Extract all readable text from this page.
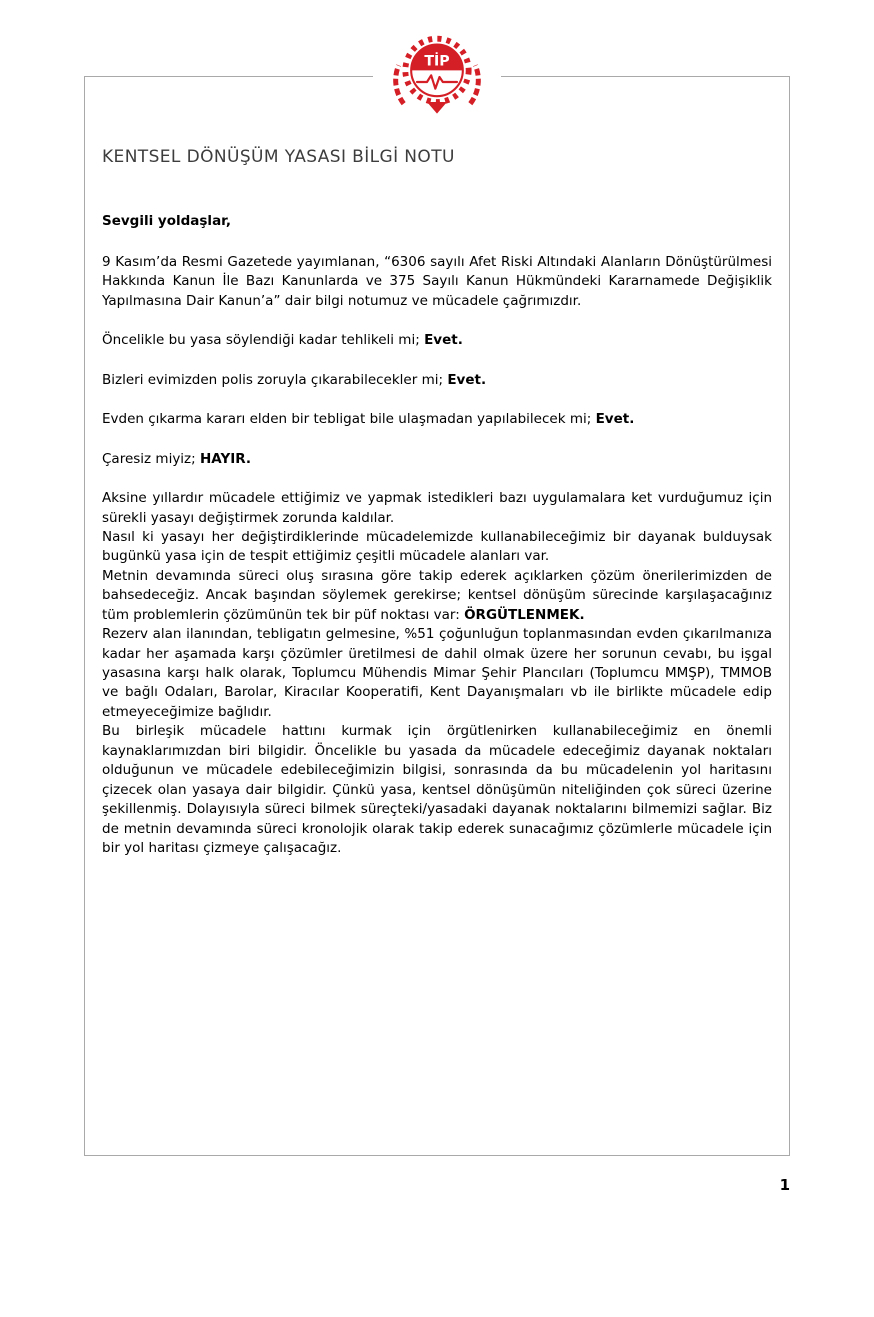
TİP
KENTSEL DÖNÜŞÜM YASASI BİLGİ NOTU

Sevgili yoldaşlar,

9 Kasım’da Resmi Gazetede yayımlanan, “6306 sayılı Afet Riski Altındaki Alanların Dönüştürülmesi Hakkında Kanun İle Bazı Kanunlarda ve 375 Sayılı Kanun Hükmündeki Kararnamede Değişiklik Yapılmasına Dair Kanun’a” dair bilgi notumuz ve mücadele çağrımızdır.

Öncelikle bu yasa söylendiği kadar tehlikeli mi; Evet.

Bizleri evimizden polis zoruyla çıkarabilecekler mi; Evet.

Evden çıkarma kararı elden bir tebligat bile ulaşmadan yapılabilecek mi; Evet.

Çaresiz miyiz; HAYIR.

Aksine yıllardır mücadele ettiğimiz ve yapmak istedikleri bazı uygulamalara ket vurduğumuz için sürekli yasayı değiştirmek zorunda kaldılar.

Nasıl ki yasayı her değiştirdiklerinde mücadelemizde kullanabileceğimiz bir dayanak bulduysak bugünkü yasa için de tespit ettiğimiz çeşitli mücadele alanları var.

Metnin devamında süreci oluş sırasına göre takip ederek açıklarken çözüm önerilerimizden de bahsedeceğiz. Ancak başından söylemek gerekirse; kentsel dönüşüm sürecinde karşılaşacağınız tüm problemlerin çözümünün tek bir püf noktası var: ÖRGÜTLENMEK.

Rezerv alan ilanından, tebligatın gelmesine, %51 çoğunluğun toplanmasından evden çıkarılmanıza kadar her aşamada karşı çözümler üretilmesi de dahil olmak üzere her sorunun cevabı, bu işgal yasasına karşı halk olarak, Toplumcu Mühendis Mimar Şehir Plancıları (Toplumcu MMŞP), TMMOB ve bağlı Odaları, Barolar, Kiracılar Kooperatifi, Kent Dayanışmaları vb ile birlikte mücadele edip etmeyeceğimize bağlıdır.

Bu birleşik mücadele hattını kurmak için örgütlenirken kullanabileceğimiz en önemli kaynaklarımızdan biri bilgidir. Öncelikle bu yasada da mücadele edeceğimiz dayanak noktaları olduğunun ve mücadele edebileceğimizin bilgisi, sonrasında da bu mücadelenin yol haritasını çizecek olan yasaya dair bilgidir. Çünkü yasa, kentsel dönüşümün niteliğinden çok süreci üzerine şekillenmiş. Dolayısıyla süreci bilmek süreçteki/yasadaki dayanak noktalarını bilmemizi sağlar. Biz de metnin devamında süreci kronolojik olarak takip ederek sunacağımız çözümlerle mücadele için bir yol haritası çizmeye çalışacağız.

1
